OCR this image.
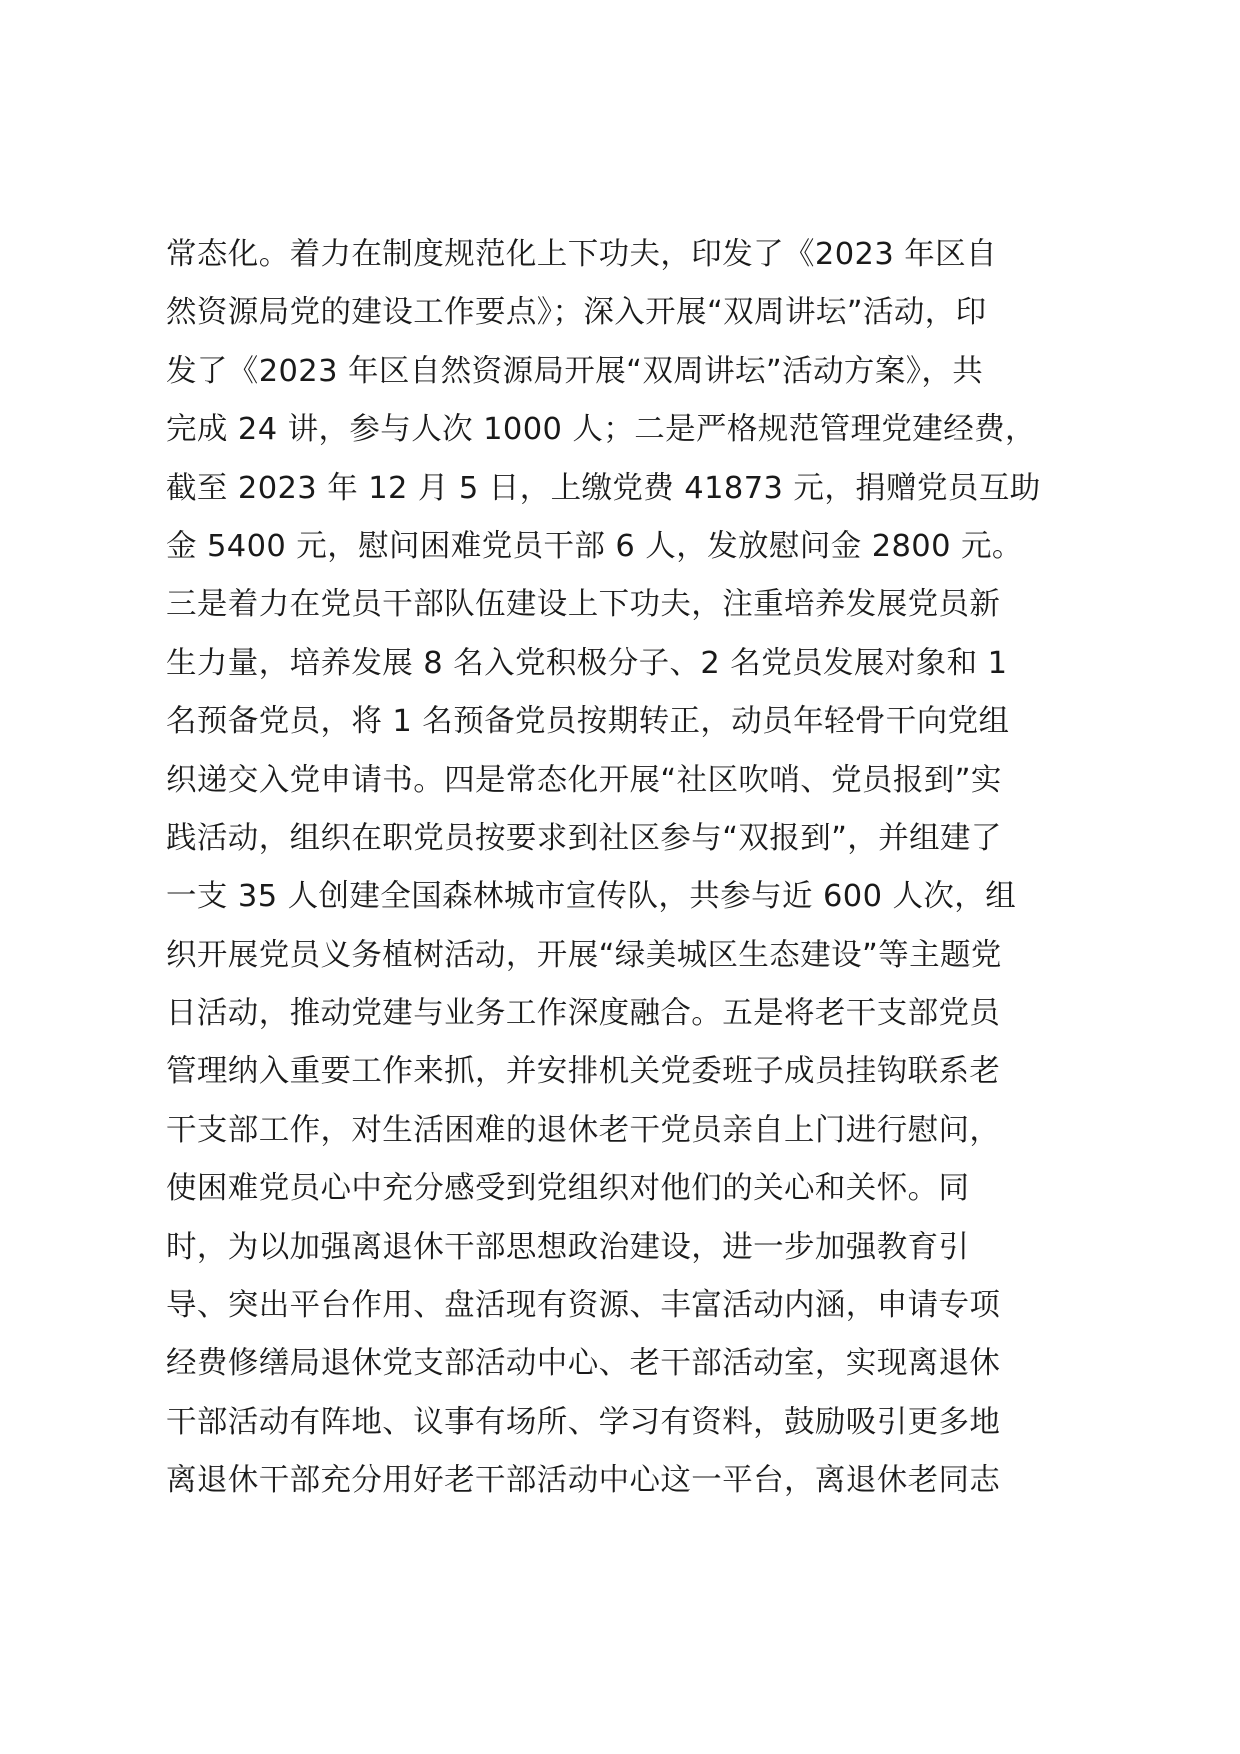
常态化。着力在制度规范化上下功夫，印发了《2023 年区自
然资源局党的建设工作要点》；深入开展“双周讲坛”活动，印
发了《2023 年区自然资源局开展“双周讲坛”活动方案》，共
完成 24 讲，参与人次 1000 人；二是严格规范管理党建经费，
截至 2023 年 12 月 5 日，上缴党费 41873 元，捐赠党员互助
金 5400 元，慰问困难党员干部 6 人，发放慰问金 2800 元。
三是着力在党员干部队伍建设上下功夫，注重培养发展党员新
生力量，培养发展 8 名入党积极分子、2 名党员发展对象和 1
名预备党员，将 1 名预备党员按期转正，动员年轻骨干向党组
织递交入党申请书。四是常态化开展“社区吹哨、党员报到”实
践活动，组织在职党员按要求到社区参与“双报到”，并组建了
一支 35 人创建全国森林城市宣传队，共参与近 600 人次，组
织开展党员义务植树活动，开展“绿美城区生态建设”等主题党
日活动，推动党建与业务工作深度融合。五是将老干支部党员
管理纳入重要工作来抓，并安排机关党委班子成员挂钩联系老
干支部工作，对生活困难的退休老干党员亲自上门进行慰问，
使困难党员心中充分感受到党组织对他们的关心和关怀。同
时，为以加强离退休干部思想政治建设，进一步加强教育引
导、突出平台作用、盘活现有资源、丰富活动内涵，申请专项
经费修缮局退休党支部活动中心、老干部活动室，实现离退休
干部活动有阵地、议事有场所、学习有资料，鼓励吸引更多地
离退休干部充分用好老干部活动中心这一平台，离退休老同志
